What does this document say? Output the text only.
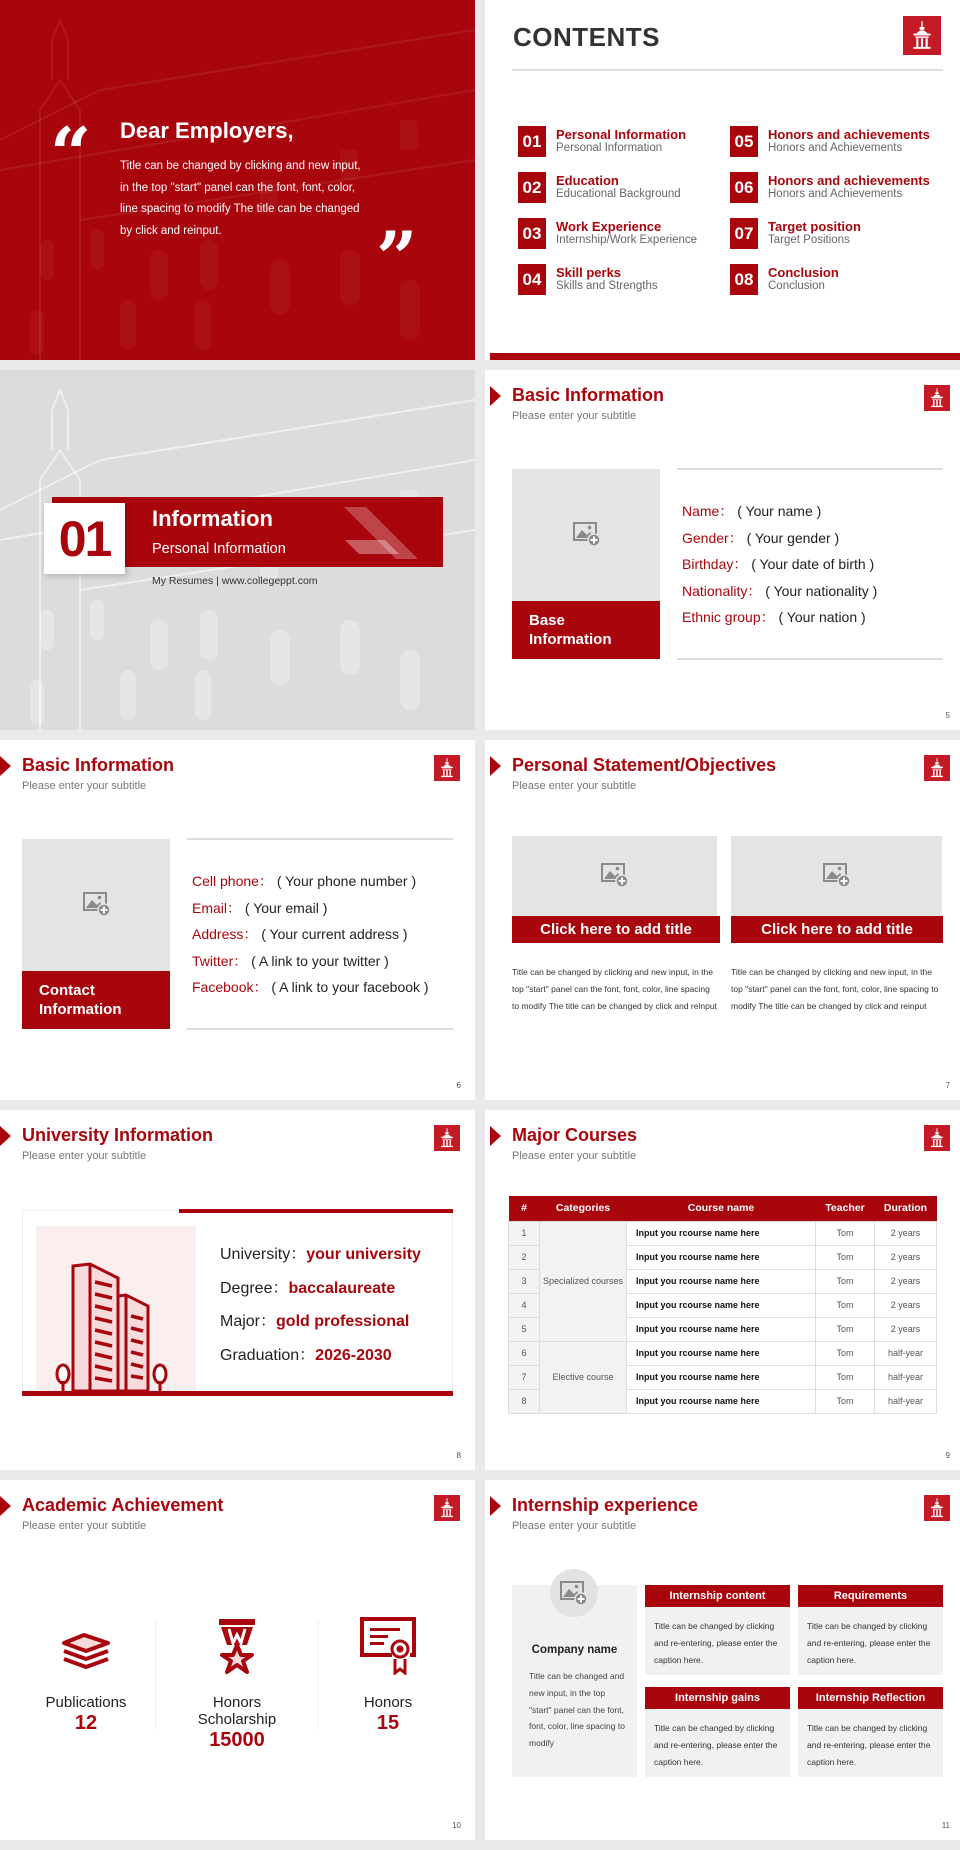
“ Dear Employers,
Title can be changed by clicking and new input, in the top "start" panel can the font, font, color, line spacing to modify The title can be changed by click and reinput.	”
CONTENTS
01	Personal Information
Personal Information
02	Education
Educational Background
03	Work Experience
Internship/Work Experience
04	Skill perks
Skills and Strengths
05	Honors and achievements
Honors and Achievements
06	Honors and achievements
Honors and Achievements
07	Target position
Target Positions
08	Conclusion
Conclusion
01	Information
Personal Information
My Resumes | www.collegeppt.com
Basic Information
Please enter your subtitle
Base
Information
Name： ( Your name )
Gender： ( Your gender )
Birthday： ( Your date of birth )
Nationality： ( Your nationality )
Ethnic group： ( Your nation )
5
Basic Information
Please enter your subtitle
Contact
Information
Cell phone： ( Your phone number )
Email： ( Your email )
Address： ( Your current address )
Twitter： ( A link to your twitter )
Facebook： ( A link to your facebook )
6
Personal Statement/Objectives
Please enter your subtitle
Click here to add title
Title can be changed by clicking and new input, in the top "start" panel can the font, font, color, line spacing to modify The title can be changed by click and reinput
Click here to add title
Title can be changed by clicking and new input, in the top "start" panel can the font, font, color, line spacing to modify The title can be changed by click and reinput
7
University Information
Please enter your subtitle
University：your university
Degree：baccalaureate
Major：gold professional
Graduation：2026-2030
8
Major Courses
Please enter your subtitle
#	Categories	Course name	Teacher	Duration
1	Specialized courses	Input you rcourse name here	Tom	2 years
2		Input you rcourse name here	Tom	2 years
3		Input you rcourse name here	Tom	2 years
4		Input you rcourse name here	Tom	2 years
5		Input you rcourse name here	Tom	2 years
6	Elective course	Input you rcourse name here	Tom	half-year
7		Input you rcourse name here	Tom	half-year
8		Input you rcourse name here	Tom	half-year
9
Academic Achievement
Please enter your subtitle
Publications
12
Honors Scholarship
15000
Honors
15
10
Internship experience
Please enter your subtitle
Company name
Title can be changed and new input, in the top "start" panel can the font, font, color, line spacing to modify
Internship content
Title can be changed by clicking and re-entering, please enter the caption here.
Requirements
Title can be changed by clicking and re-entering, please enter the caption here.
Internship gains
Title can be changed by clicking and re-entering, please enter the caption here.
Internship Reflection
Title can be changed by clicking and re-entering, please enter the caption here.
11
